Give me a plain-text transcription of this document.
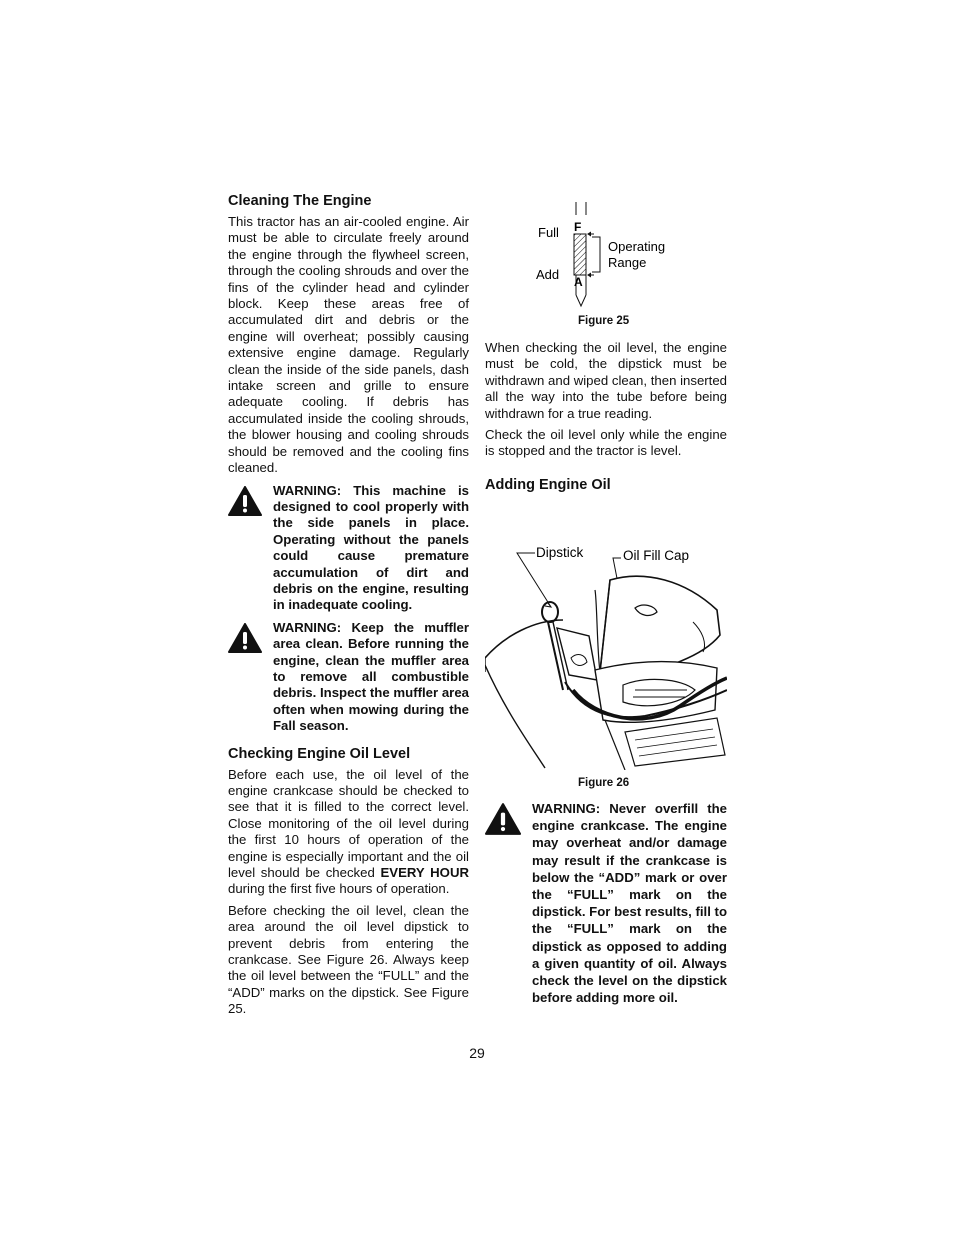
Cleaning The Engine

This tractor has an air-cooled engine. Air must be able to circulate freely around the engine through the flywheel screen, through the cooling shrouds and over the fins of the cylinder head and cylinder block. Keep these areas free of accumulated dirt and debris or the engine will overheat; possibly causing extensive engine damage. Regularly clean the inside of the side panels, dash intake screen and grille to ensure adequate cooling. If debris has accumulated inside the cooling shrouds, the blower housing and cooling shrouds should be removed and the cooling fins cleaned.

WARNING: This machine is designed to cool properly with the side panels in place. Operating without the panels could cause premature accumulation of dirt and debris on the engine, resulting in inadequate cooling.

WARNING: Keep the muffler area clean. Before running the engine, clean the muffler area to remove all combustible debris. Inspect the muffler area often when mowing during the Fall season.

Checking Engine Oil Level

Before each use, the oil level of the engine crankcase should be checked to see that it is filled to the correct level. Close monitoring of the oil level during the first 10 hours of operation of the engine is especially important and the oil level should be checked EVERY HOUR during the first five hours of operation.

Before checking the oil level, clean the area around the oil level dipstick to prevent debris from entering the crankcase. See Figure 26. Always keep the oil level between the “FULL” and the “ADD” marks on the dipstick. See Figure 25.

F
A
Full
Add
Operating
Range
Figure 25

When checking the oil level, the engine must be cold, the dipstick must be withdrawn and wiped clean, then inserted all the way into the tube before being withdrawn for a true reading.

Check the oil level only while the engine is stopped and the tractor is level.

Adding Engine Oil
Dipstick	Oil Fill Cap
Figure 26

WARNING: Never overfill the engine crankcase. The engine may overheat and/or damage may result if the crankcase is below the “ADD” mark or over the “FULL” mark on the dipstick. For best results, fill to the “FULL” mark on the dipstick as opposed to adding a given quantity of oil. Always check the level on the dipstick before adding more oil.

29
